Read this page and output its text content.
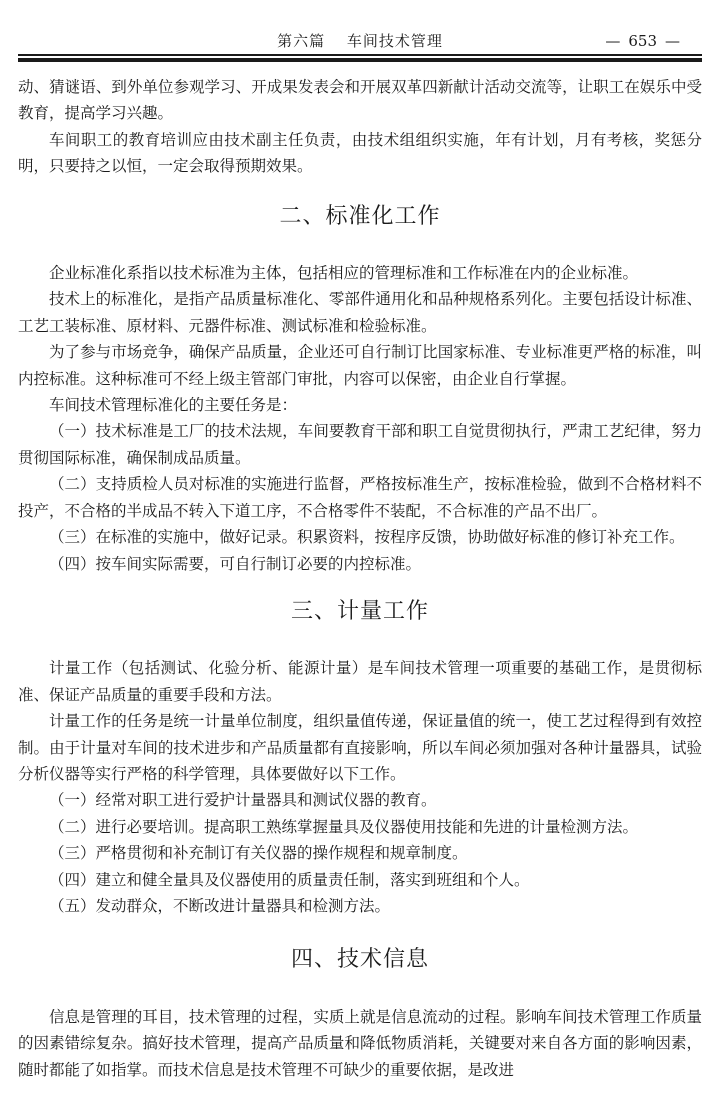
第六篇 车间技术管理	— 653 —

动、猜谜语、到外单位参观学习、开成果发表会和开展双革四新献计活动交流等，让职工在娱乐中受教育，提高学习兴趣。

车间职工的教育培训应由技术副主任负责，由技术组组织实施，年有计划，月有考核，奖惩分明，只要持之以恒，一定会取得预期效果。

二、标准化工作

企业标准化系指以技术标准为主体，包括相应的管理标准和工作标准在内的企业标准。

技术上的标准化，是指产品质量标准化、零部件通用化和品种规格系列化。主要包括设计标准、工艺工装标准、原材料、元器件标准、测试标准和检验标准。

为了参与市场竞争，确保产品质量，企业还可自行制订比国家标准、专业标准更严格的标准，叫内控标准。这种标准可不经上级主管部门审批，内容可以保密，由企业自行掌握。

车间技术管理标准化的主要任务是：

（一）技术标准是工厂的技术法规，车间要教育干部和职工自觉贯彻执行，严肃工艺纪律，努力贯彻国际标准，确保制成品质量。

（二）支持质检人员对标准的实施进行监督，严格按标准生产，按标准检验，做到不合格材料不投产，不合格的半成品不转入下道工序，不合格零件不装配，不合标准的产品不出厂。

（三）在标准的实施中，做好记录。积累资料，按程序反馈，协助做好标准的修订补充工作。

（四）按车间实际需要，可自行制订必要的内控标准。

三、计量工作

计量工作（包括测试、化验分析、能源计量）是车间技术管理一项重要的基础工作，是贯彻标准、保证产品质量的重要手段和方法。

计量工作的任务是统一计量单位制度，组织量值传递，保证量值的统一，使工艺过程得到有效控制。由于计量对车间的技术进步和产品质量都有直接影响，所以车间必须加强对各种计量器具，试验分析仪器等实行严格的科学管理，具体要做好以下工作。

（一）经常对职工进行爱护计量器具和测试仪器的教育。

（二）进行必要培训。提高职工熟练掌握量具及仪器使用技能和先进的计量检测方法。

（三）严格贯彻和补充制订有关仪器的操作规程和规章制度。

（四）建立和健全量具及仪器使用的质量责任制，落实到班组和个人。

（五）发动群众，不断改进计量器具和检测方法。

四、技术信息

信息是管理的耳目，技术管理的过程，实质上就是信息流动的过程。影响车间技术管理工作质量的因素错综复杂。搞好技术管理，提高产品质量和降低物质消耗，关键要对来自各方面的影响因素，随时都能了如指掌。而技术信息是技术管理不可缺少的重要依据，是改进
